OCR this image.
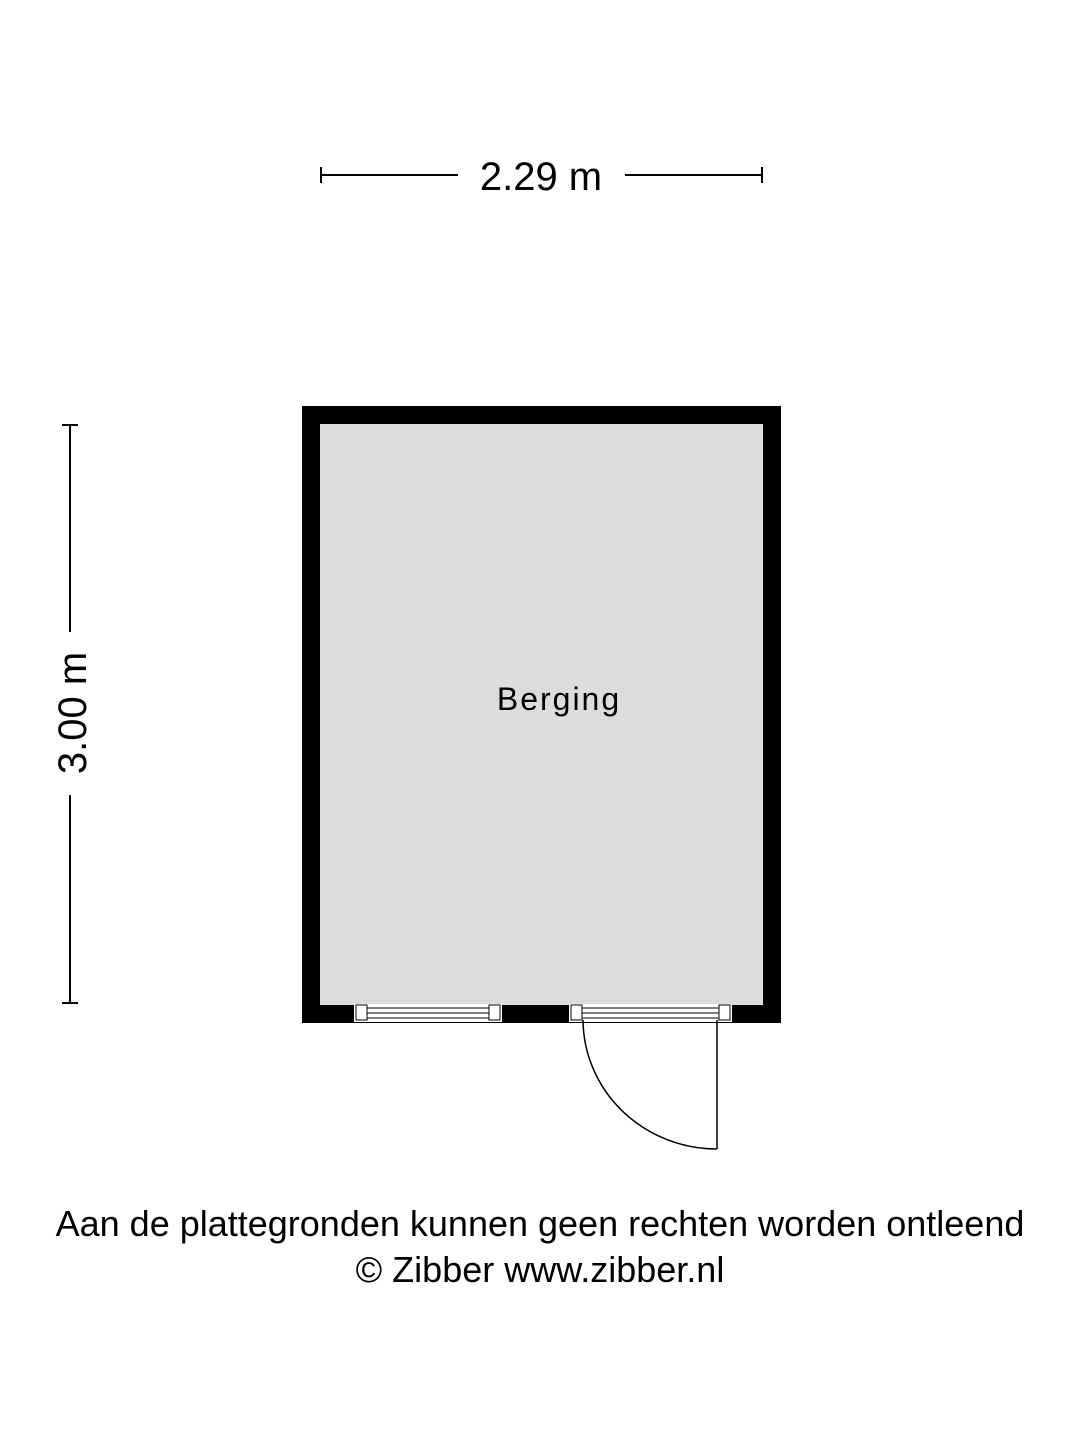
2.29 m
3.00 m	Berging
Aan de plattegronden kunnen geen rechten worden ontleend
© Zibber www.zibber.nl
